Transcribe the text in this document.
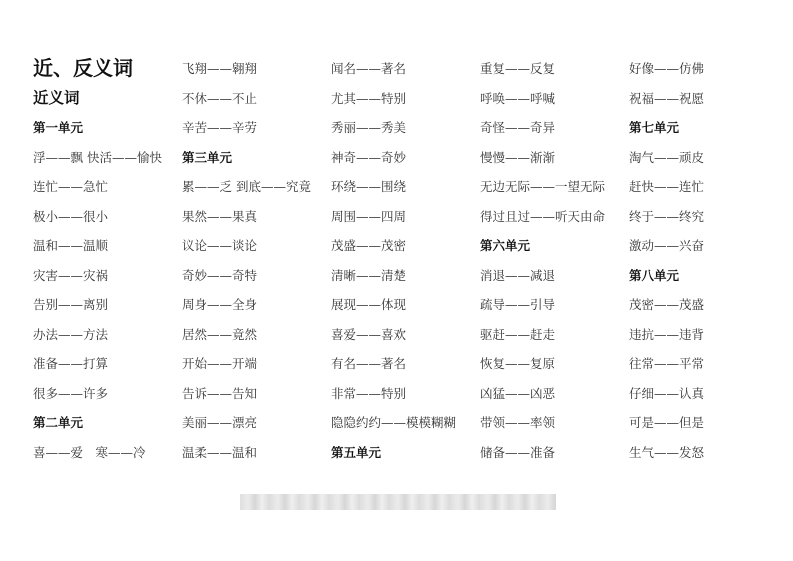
近、反义词
近义词
第一单元
浮——飘 快活——愉快
连忙——急忙
极小——很小
温和——温顺
灾害——灾祸
告别——离别
办法——方法
准备——打算
很多——许多
第二单元
喜——爱　寒——冷
飞翔——翱翔
不休——不止
辛苦——辛劳
第三单元
累——乏 到底——究竟
果然——果真
议论——谈论
奇妙——奇特
周身——全身
居然——竟然
开始——开端
告诉——告知
美丽——漂亮
温柔——温和
闻名——著名
尤其——特别
秀丽——秀美
神奇——奇妙
环绕——围绕
周围——四周
茂盛——茂密
清晰——清楚
展现——体现
喜爱——喜欢
有名——著名
非常——特别
隐隐约约——模模糊糊
第五单元
重复——反复
呼唤——呼喊
奇怪——奇异
慢慢——渐渐
无边无际——一望无际
得过且过——听天由命
第六单元
消退——减退
疏导——引导
驱赶——赶走
恢复——复原
凶猛——凶恶
带领——率领
储备——准备
好像——仿佛
祝福——祝愿
第七单元
淘气——顽皮
赶快——连忙
终于——终究
激动——兴奋
第八单元
茂密——茂盛
违抗——违背
往常——平常
仔细——认真
可是——但是
生气——发怒
